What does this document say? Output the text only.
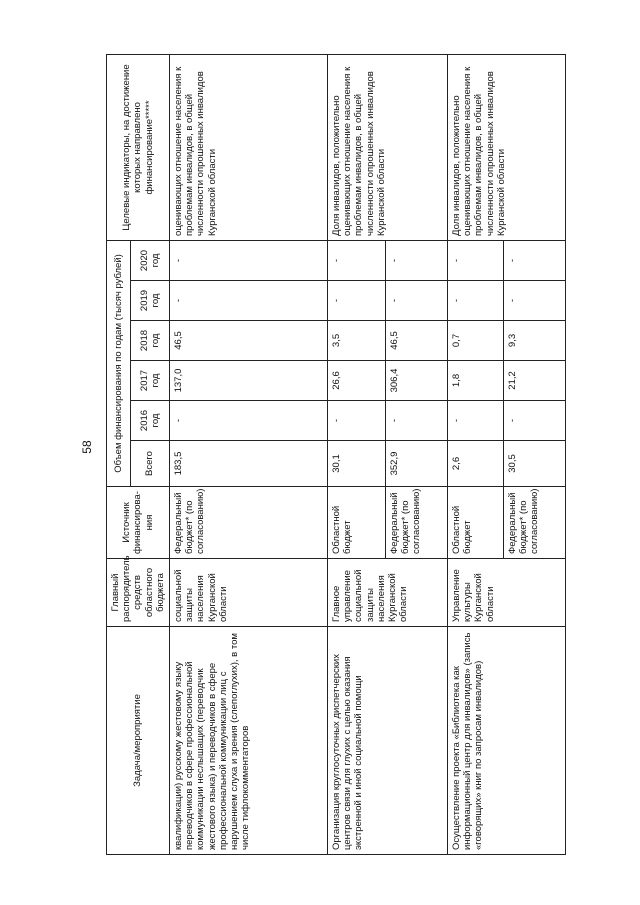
58
Задача/мероприятие	Главный распорядитель средств областного бюджета	Источник финансирова-ния	Объем финансирования по годам (тысяч рублей)						Целевые индикаторы, на достижение которых направлено финансирование*****
			Всего	2016 год	2017 год	2018 год	2019 год	2020 год	
квалификации) русскому жестовому языку переводчиков в сфере профессиональной коммуникации неслышащих (переводчик жестового языка) и переводчиков в сфере профессиональной коммуникации лиц с нарушением слуха и зрения (слепоглухих), в том числе тифлокомментаторов	социальной защиты населения Курганской области	Федеральный бюджет* (по согласованию)	183,5	-	137,0	46,5	-	-	оценивающих отношение населения к проблемам инвалидов, в общей численности опрошенных инвалидов Курганской области
Организация круглосуточных диспетчерских центров связи для глухих с целью оказания экстренной и иной социальной помощи	Главное управление социальной защиты населения Курганской области	Областной бюджет	30,1	-	26,6	3,5	-	-	Доля инвалидов, положительно оценивающих отношение населения к проблемам инвалидов, в общей численности опрошенных инвалидов Курганской области
		Федеральный бюджет* (по согласованию)	352,9	-	306,4	46,5	-	-	
Осуществление проекта «Библиотека как информационный центр для инвалидов» (запись «говорящих» книг по запросам инвалидов)	Управление культуры Курганской области	Областной бюджет	2,6	-	1,8	0,7	-	-	Доля инвалидов, положительно оценивающих отношение населения к проблемам инвалидов, в общей численности опрошенных инвалидов Курганской области
		Федеральный бюджет* (по согласованию)	30,5	-	21,2	9,3	-	-	
